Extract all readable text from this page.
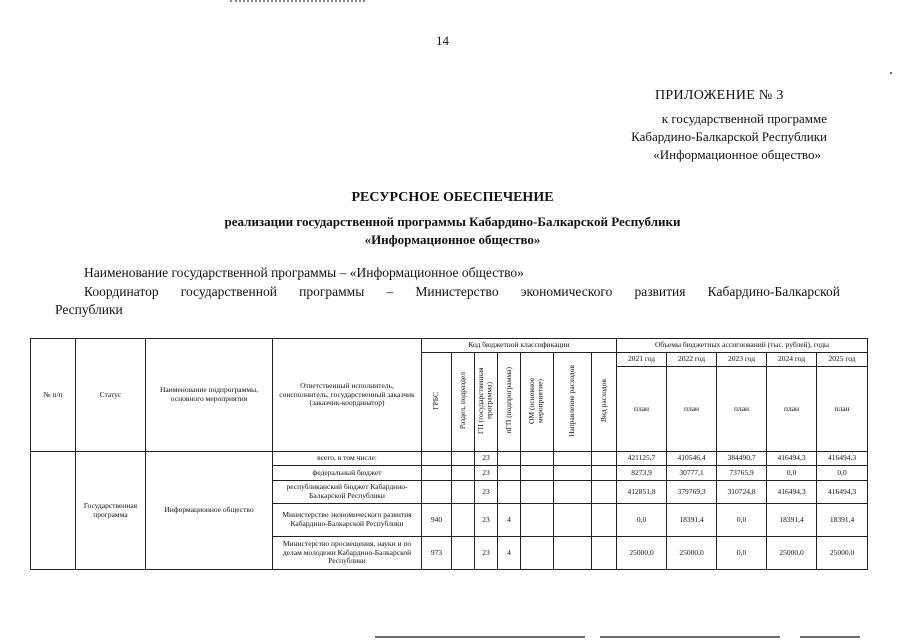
14
ПРИЛОЖЕНИЕ № 3
к государственной программе
Кабардино-Балкарской Республики
«Информационное общество»
РЕСУРСНОЕ ОБЕСПЕЧЕНИЕ
реализации государственной программы Кабардино-Балкарской Республики
«Информационное общество»
Наименование государственной программы – «Информационное общество»
Координатор государственной программы – Министерство экономического развития Кабардино-Балкарской
Республики
№ п/п	Статус	Наименование подпрограммы, основного мероприятия	Ответственный исполнитель, соисполнитель, государственный заказчик (заказчик-координатор)	Код бюджетной классификации							Объемы бюджетных ассигнований (тыс. рублей), годы				
				ГРБС	Раздел, подраздел	ГП (государственная программа)	пГП (подпрограмма)	ОМ (основное мероприятие)	Направление расходов	Вид расходов	2021 год	2022 год	2023 год	2024 год	2025 год
											план	план	план	план	план
	Государственная программа	Информационное общество	всего, в том числе:			23					421125,7	410546,4	384490,7	416494,3	416494,3
			федеральный бюджет			23					8273,9	30777,1	73765,9	0,0	0,0
			республиканский бюджет Кабардино-Балкарской Республики			23					412851,8	379769,3	310724,8	416494,3	416494,3
			Министерство экономического развития Кабардино-Балкарской Республики	940		23	4				0,0	18391,4	0,0	18391,4	18391,4
			Министерство просвещения, науки и по делам молодежи Кабардино-Балкарской Республики	973		23	4				25000,0	25000,0	0,0	25000,0	25000,0
